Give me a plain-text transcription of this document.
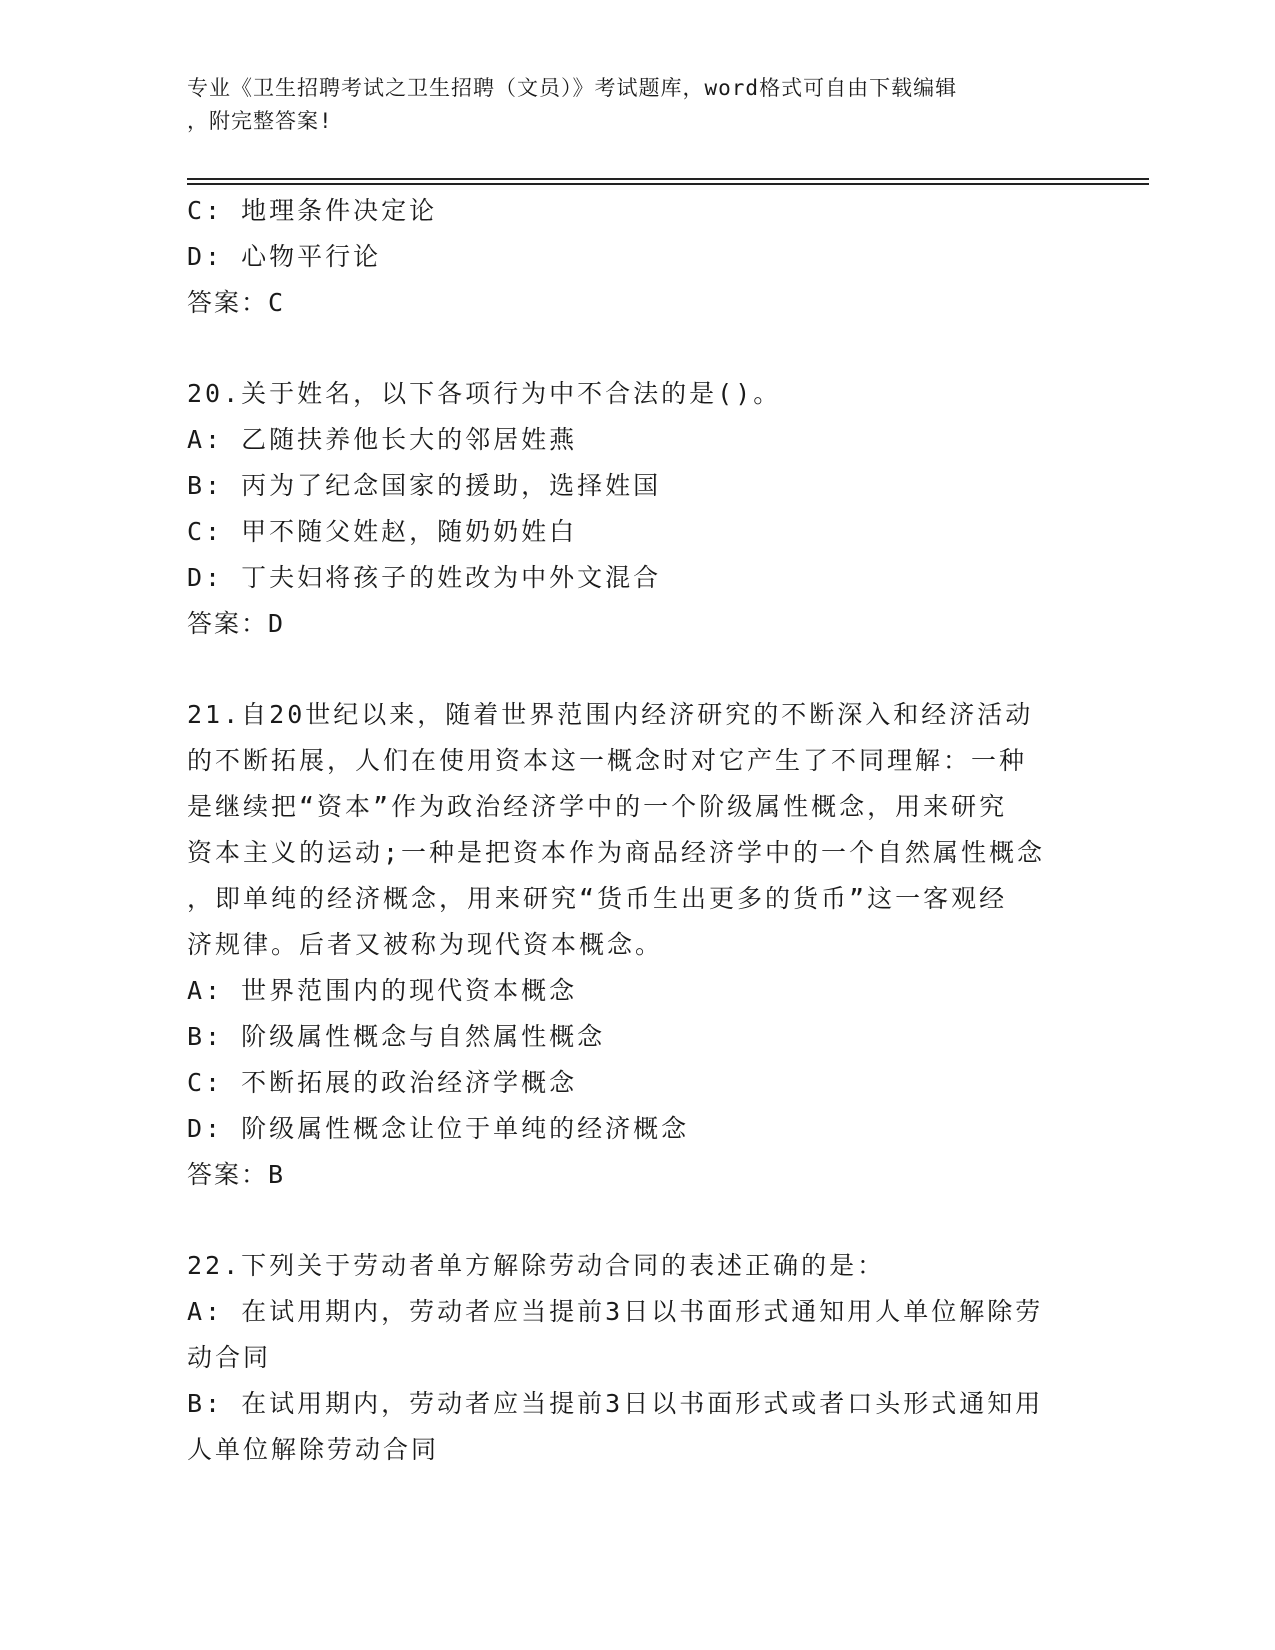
专业《卫生招聘考试之卫生招聘（文员）》考试题库，word格式可自由下载编辑
，附完整答案!
C: 地理条件决定论
D: 心物平行论
答案：C
20.关于姓名，以下各项行为中不合法的是()。
A: 乙随扶养他长大的邻居姓燕
B: 丙为了纪念国家的援助，选择姓国
C: 甲不随父姓赵，随奶奶姓白
D: 丁夫妇将孩子的姓改为中外文混合
答案：D
21.自20世纪以来，随着世界范围内经济研究的不断深入和经济活动
的不断拓展，人们在使用资本这一概念时对它产生了不同理解：一种
是继续把“资本”作为政治经济学中的一个阶级属性概念，用来研究
资本主义的运动;一种是把资本作为商品经济学中的一个自然属性概念
，即单纯的经济概念，用来研究“货币生出更多的货币”这一客观经
济规律。后者又被称为现代资本概念。
A: 世界范围内的现代资本概念
B: 阶级属性概念与自然属性概念
C: 不断拓展的政治经济学概念
D: 阶级属性概念让位于单纯的经济概念
答案：B
22.下列关于劳动者单方解除劳动合同的表述正确的是：
A: 在试用期内，劳动者应当提前3日以书面形式通知用人单位解除劳
动合同
B: 在试用期内，劳动者应当提前3日以书面形式或者口头形式通知用
人单位解除劳动合同
